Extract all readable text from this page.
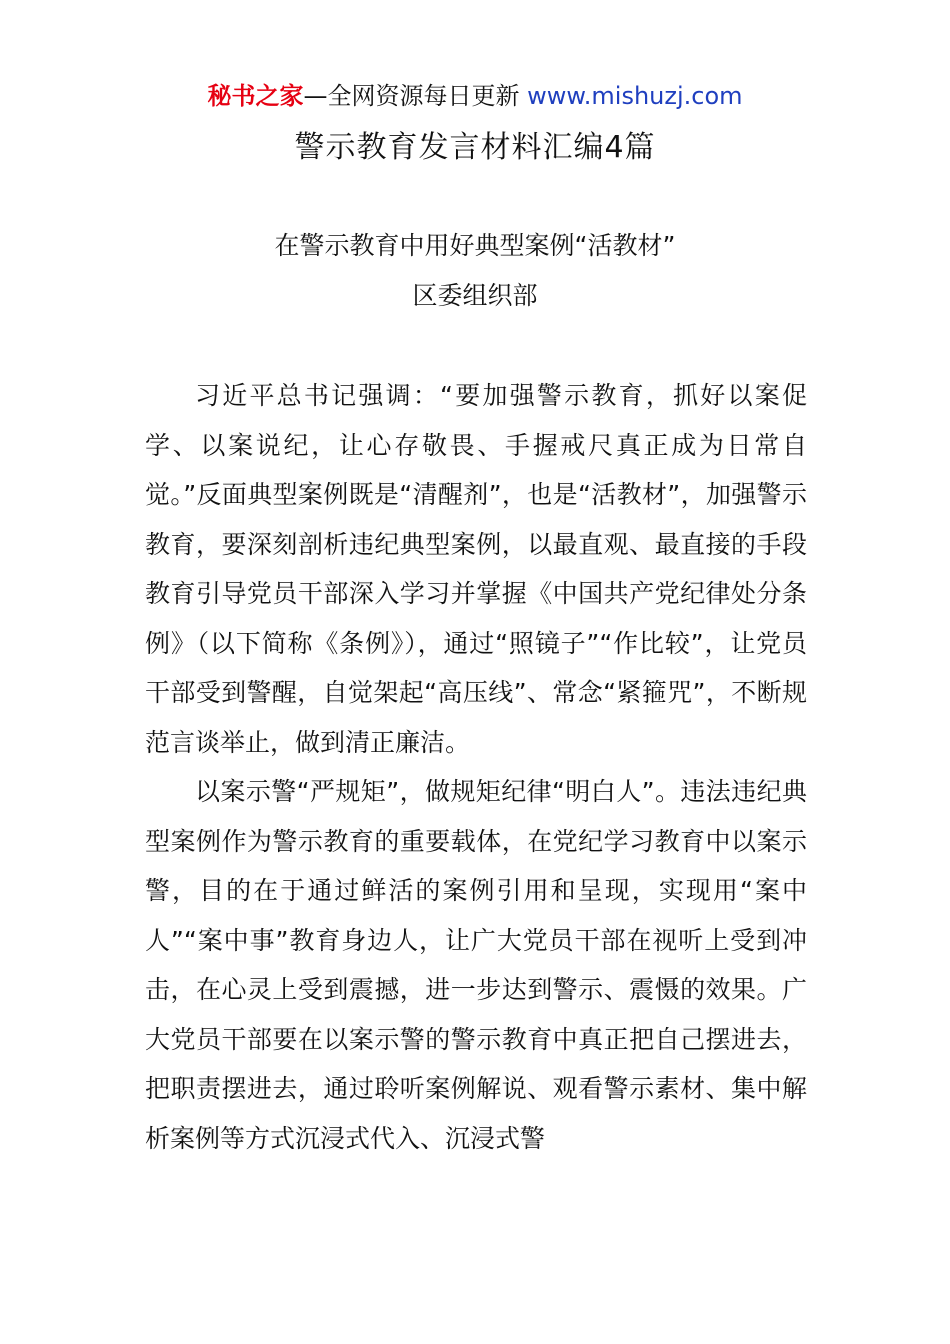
秘书之家—全网资源每日更新 www.mishuzj.com
警示教育发言材料汇编4篇
在警示教育中用好典型案例“活教材”
区委组织部

习近平总书记强调：“要加强警示教育，抓好以案促学、以案说纪，让心存敬畏、手握戒尺真正成为日常自觉。”反面典型案例既是“清醒剂”，也是“活教材”，加强警示教育，要深刻剖析违纪典型案例，以最直观、最直接的手段教育引导党员干部深入学习并掌握《中国共产党纪律处分条例》（以下简称《条例》），通过“照镜子”“作比较”，让党员干部受到警醒，自觉架起“高压线”、常念“紧箍咒”，不断规范言谈举止，做到清正廉洁。

以案示警“严规矩”，做规矩纪律“明白人”。违法违纪典型案例作为警示教育的重要载体，在党纪学习教育中以案示警，目的在于通过鲜活的案例引用和呈现，实现用“案中人”“案中事”教育身边人，让广大党员干部在视听上受到冲击，在心灵上受到震撼，进一步达到警示、震慑的效果。广大党员干部要在以案示警的警示教育中真正把自己摆进去，把职责摆进去，通过聆听案例解说、观看警示素材、集中解析案例等方式沉浸式代入、沉浸式警
